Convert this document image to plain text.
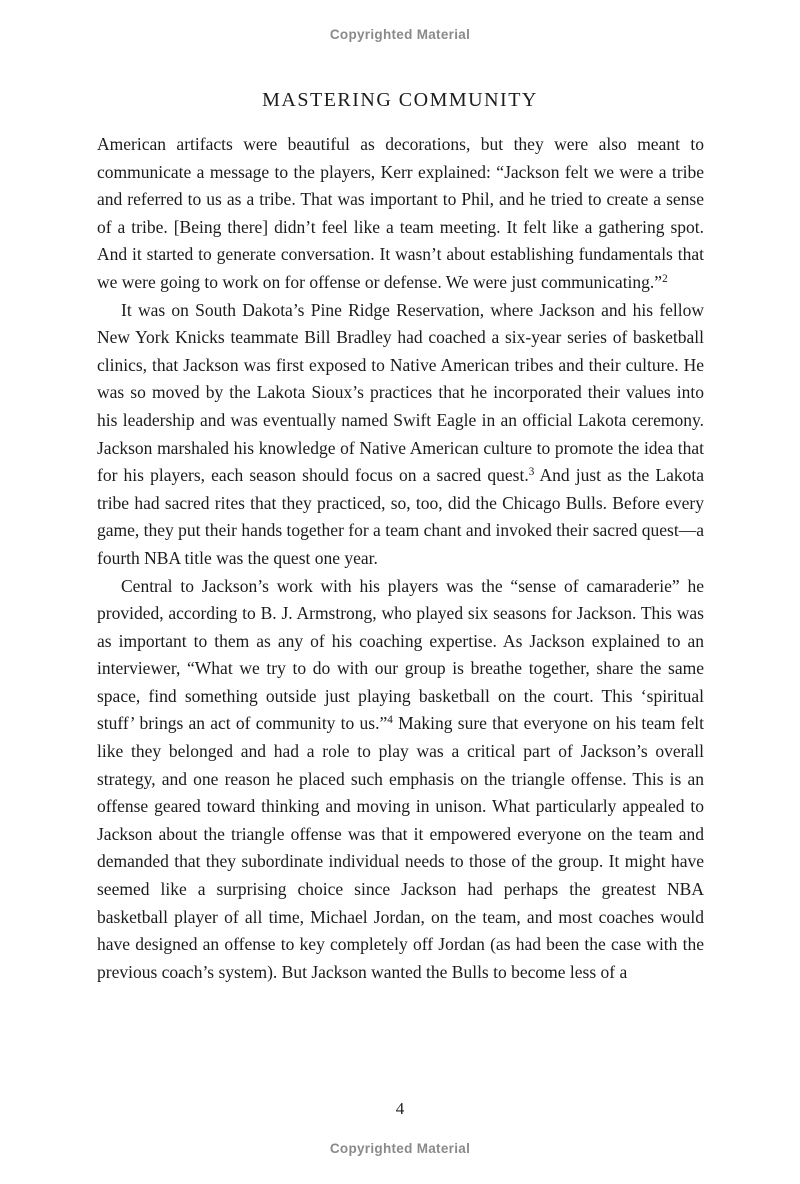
Copyrighted Material
MASTERING COMMUNITY

American artifacts were beautiful as decorations, but they were also meant to communicate a message to the players, Kerr explained: “Jackson felt we were a tribe and referred to us as a tribe. That was important to Phil, and he tried to create a sense of a tribe. [Being there] didn’t feel like a team meeting. It felt like a gathering spot. And it started to generate conversation. It wasn’t about establishing fundamentals that we were going to work on for offense or defense. We were just communicating.”$^2$

It was on South Dakota’s Pine Ridge Reservation, where Jackson and his fellow New York Knicks teammate Bill Bradley had coached a six-year series of basketball clinics, that Jackson was first exposed to Native American tribes and their culture. He was so moved by the Lakota Sioux’s practices that he incorporated their values into his leadership and was eventually named Swift Eagle in an official Lakota ceremony. Jackson marshaled his knowledge of Native American culture to promote the idea that for his players, each season should focus on a sacred quest.$^3$ And just as the Lakota tribe had sacred rites that they practiced, so, too, did the Chicago Bulls. Before every game, they put their hands together for a team chant and invoked their sacred quest—a fourth NBA title was the quest one year.

Central to Jackson’s work with his players was the “sense of camaraderie” he provided, according to B. J. Armstrong, who played six seasons for Jackson. This was as important to them as any of his coaching expertise. As Jackson explained to an interviewer, “What we try to do with our group is breathe together, share the same space, find something outside just playing basketball on the court. This ‘spiritual stuff’ brings an act of community to us.”$^4$ Making sure that everyone on his team felt like they belonged and had a role to play was a critical part of Jackson’s overall strategy, and one reason he placed such emphasis on the triangle offense. This is an offense geared toward thinking and moving in unison. What particularly appealed to Jackson about the triangle offense was that it empowered everyone on the team and demanded that they subordinate individual needs to those of the group. It might have seemed like a surprising choice since Jackson had perhaps the greatest NBA basketball player of all time, Michael Jordan, on the team, and most coaches would have designed an offense to key completely off Jordan (as had been the case with the previous coach’s system). But Jackson wanted the Bulls to become less of a

4
Copyrighted Material
